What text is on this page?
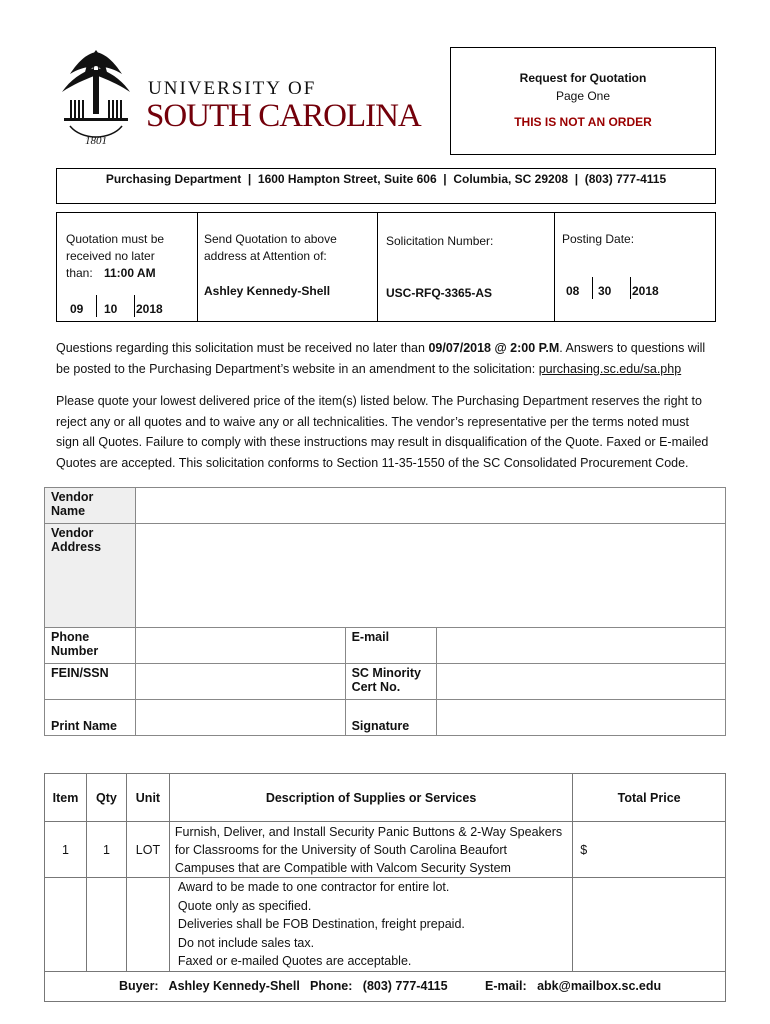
1801
UNIVERSITY OF
SOUTH CAROLINA
Request for Quotation
Page One
THIS IS NOT AN ORDER
Purchasing Department  |  1600 Hampton Street, Suite 606  |  Columbia, SC 29208  |  (803) 777-4115
Quotation must be
received no later
than: 11:00 AM
09 10 2018
Send Quotation to above
address at Attention of:
Ashley Kennedy-Shell
Solicitation Number:
USC-RFQ-3365-AS
Posting Date:
08 30 2018
Questions regarding this solicitation must be received no later than 09/07/2018 @ 2:00 P.M. Answers to questions will
be posted to the Purchasing Department’s website in an amendment to the solicitation: purchasing.sc.edu/sa.php
Please quote your lowest delivered price of the item(s) listed below. The Purchasing Department reserves the right to
reject any or all quotes and to waive any or all technicalities. The vendor’s representative per the terms noted must
sign all Quotes. Failure to comply with these instructions may result in disqualification of the Quote. Faxed or E-mailed
Quotes are accepted. This solicitation conforms to Section 11-35-1550 of the SC Consolidated Procurement Code.
Vendor
Name			
Vendor
Address			
Phone
Number		E-mail	
FEIN/SSN		SC Minority
Cert No.	
Print Name		Signature	
Item	Qty	Unit	Description of Supplies or Services	Total Price
1	1	LOT	Furnish, Deliver, and Install Security Panic Buttons & 2-Way Speakers
for Classrooms for the University of South Carolina Beaufort
Campuses that are Compatible with Valcom Security System	$

			Award to be made to one contractor for entire lot.
Quote only as specified.
Deliveries shall be FOB Destination, freight prepaid.
Do not include sales tax.
Faxed or e-mailed Quotes are acceptable.	

Buyer:   Ashley Kennedy-Shell Phone:   (803) 777-4115 E-mail:   abk@mailbox.sc.edu				
